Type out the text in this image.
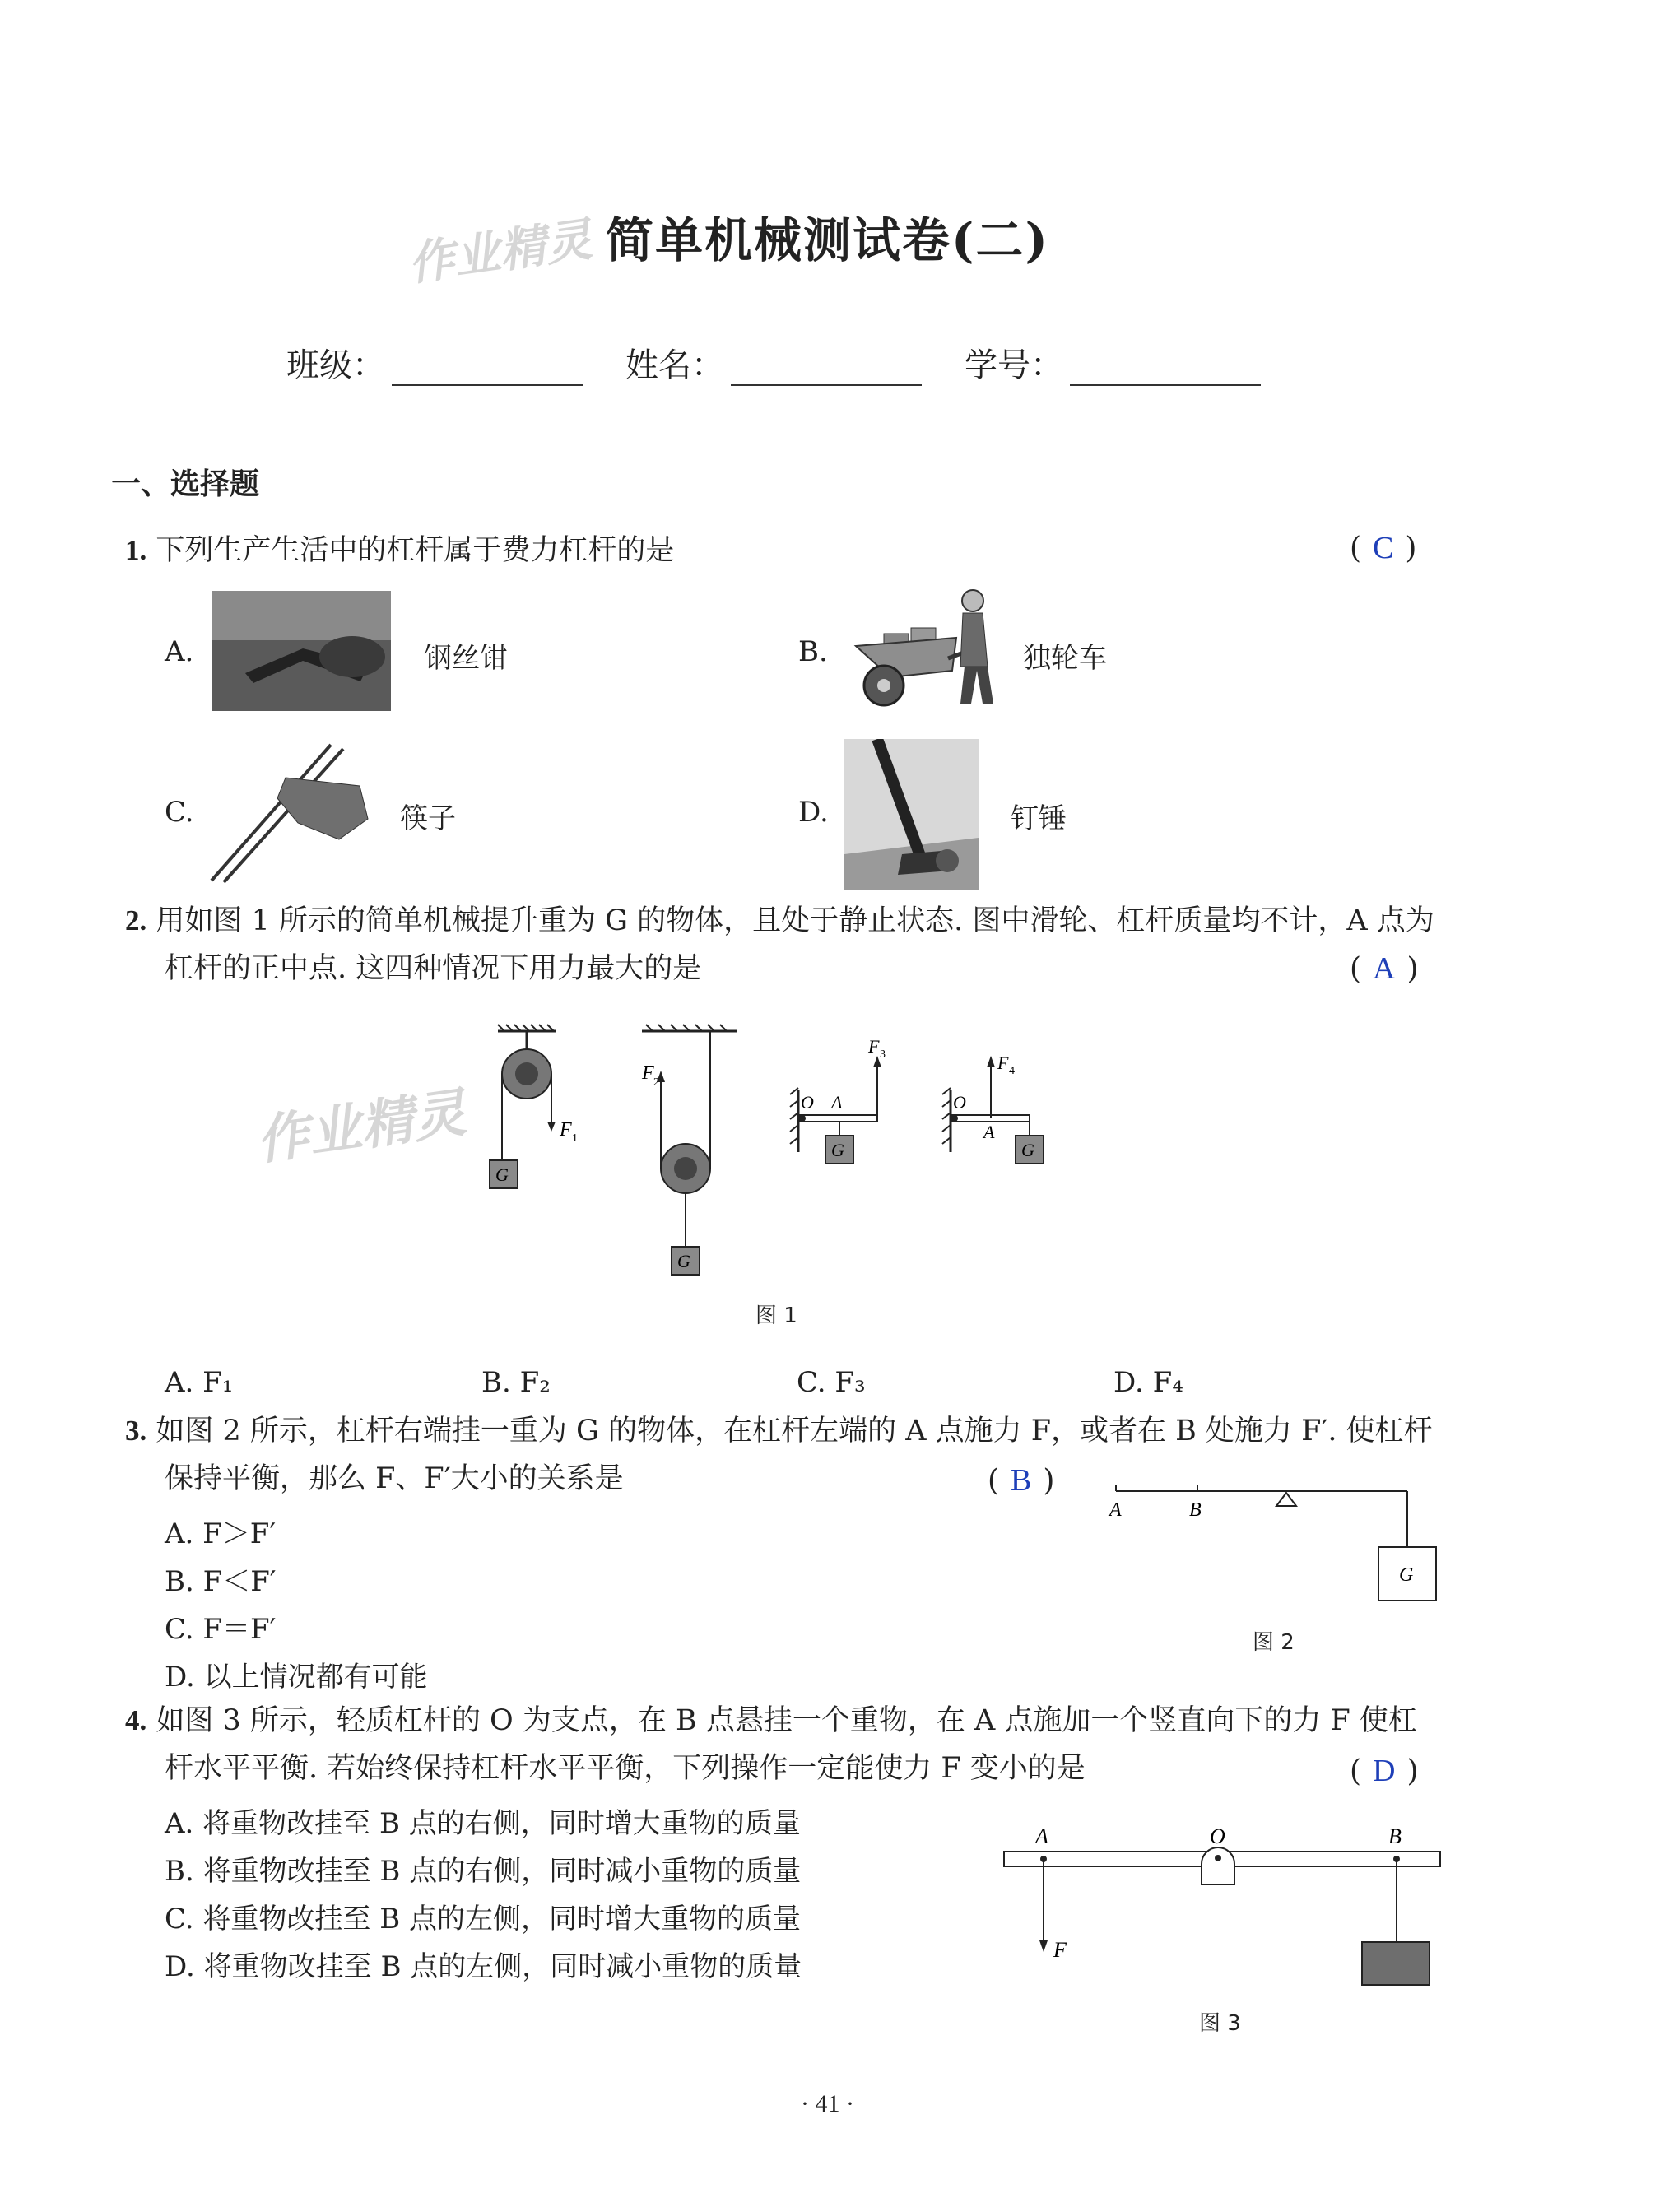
作业精灵 简单机械测试卷(二)
班级：	姓名：	学号：
一、选择题
1. 下列生产生活中的杠杆属于费力杠杆的是	( C )
A.	钢丝钳	B.	独轮车
C.	筷子	D.	钉锤
2. 用如图 1 所示的简单机械提升重为 G 的物体，且处于静止状态. 图中滑轮、杠杆质量均不计，A 点为
杠杆的正中点. 这四种情况下用力最大的是	( A )
作业精灵	F 1
G
F 2
G
F 3
O A
G
F 4
O
A
G
图 1
A. F₁	B. F₂	C. F₃	D. F₄
3. 如图 2 所示，杠杆右端挂一重为 G 的物体，在杠杆左端的 A 点施力 F，或者在 B 处施力 F′. 使杠杆
保持平衡，那么 F、F′大小的关系是	( B )
A. F＞F′
B. F＜F′
C. F＝F′
D. 以上情况都有可能
A	B
G
图 2
4. 如图 3 所示，轻质杠杆的 O 为支点，在 B 点悬挂一个重物，在 A 点施加一个竖直向下的力 F 使杠
杆水平平衡. 若始终保持杠杆水平平衡，下列操作一定能使力 F 变小的是	( D )
A. 将重物改挂至 B 点的右侧，同时增大重物的质量
B. 将重物改挂至 B 点的右侧，同时减小重物的质量
C. 将重物改挂至 B 点的左侧，同时增大重物的质量
D. 将重物改挂至 B 点的左侧，同时减小重物的质量
A	O	B
F
图 3
· 41 ·
